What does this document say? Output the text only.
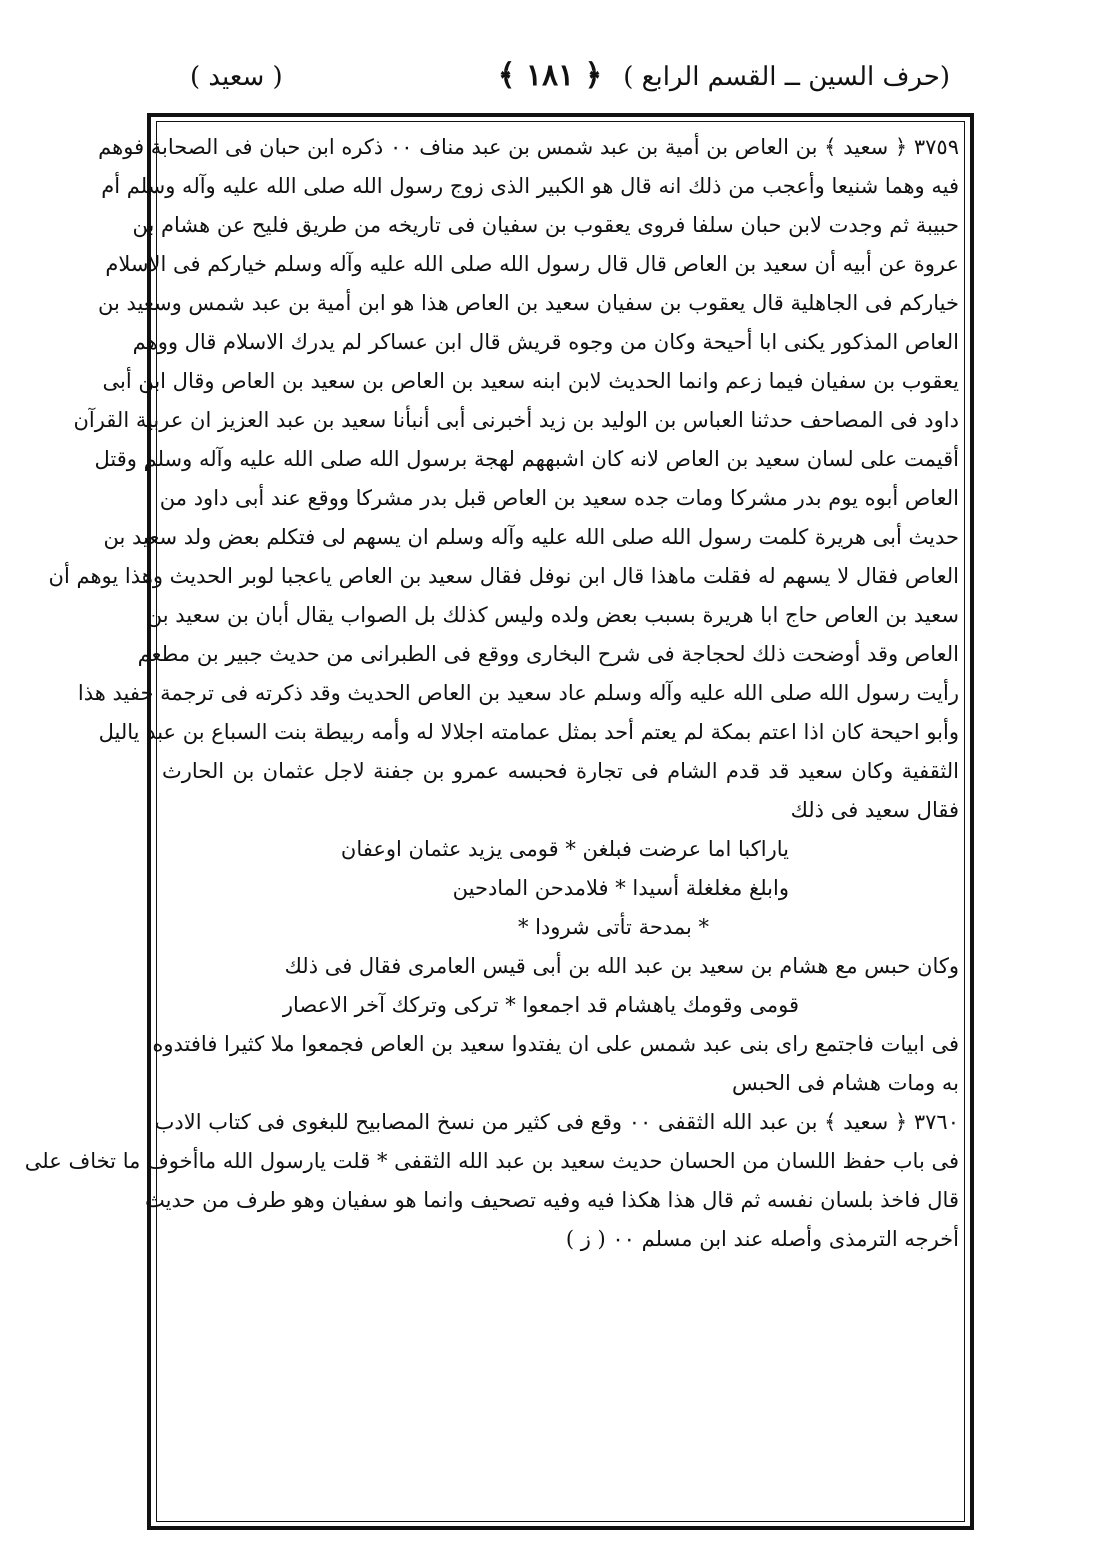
(حرف السين ــ القسم الرابع )
﴿ ١٨١ ﴾
( سعيد )
٣٧٥٩ ﴿ سعيد ﴾ بن العاص بن أمية بن عبد شمس بن عبد مناف ٠٠ ذكره ابن حبان فى الصحابة فوهم
فيه وهما شنيعا وأعجب من ذلك انه قال هو الكبير الذى زوج رسول الله صلى الله عليه وآله وسلم أم
حبيبة ثم وجدت لابن حبان سلفا فروى يعقوب بن سفيان فى تاريخه من طريق فليح عن هشام بن
عروة عن أبيه أن سعيد بن العاص قال قال رسول الله صلى الله عليه وآله وسلم خياركم فى الاسلام
خياركم فى الجاهلية قال يعقوب بن سفيان سعيد بن العاص هذا هو ابن أمية بن عبد شمس وسعيد بن
العاص المذكور يكنى ابا أحيحة وكان من وجوه قريش قال ابن عساكر لم يدرك الاسلام قال ووهم
يعقوب بن سفيان فيما زعم وانما الحديث لابن ابنه سعيد بن العاص بن سعيد بن العاص وقال ابن أبى
داود فى المصاحف حدثنا العباس بن الوليد بن زيد أخبرنى أبى أنبأنا سعيد بن عبد العزيز ان عربية القرآن
أقيمت على لسان سعيد بن العاص لانه كان اشبههم لهجة برسول الله صلى الله عليه وآله وسلم وقتل
العاص أبوه يوم بدر مشركا ومات جده سعيد بن العاص قبل بدر مشركا ووقع عند أبى داود من
حديث أبى هريرة كلمت رسول الله صلى الله عليه وآله وسلم ان يسهم لى فتكلم بعض ولد سعيد بن
العاص فقال لا يسهم له فقلت ماهذا قال ابن نوفل فقال سعيد بن العاص ياعجبا لوبر الحديث وهذا يوهم أن
سعيد بن العاص حاج ابا هريرة بسبب بعض ولده وليس كذلك بل الصواب يقال أبان بن سعيد بن
العاص وقد أوضحت ذلك لحجاجة فى شرح البخارى ووقع فى الطبرانى من حديث جبير بن مطعم
رأيت رسول الله صلى الله عليه وآله وسلم عاد سعيد بن العاص الحديث وقد ذكرته فى ترجمة حفيد هذا
وأبو احيحة كان اذا اعتم بمكة لم يعتم أحد بمثل عمامته اجلالا له وأمه ربيطة بنت السباع بن عبد ياليل
الثقفية وكان سعيد قد قدم الشام فى تجارة فحبسه عمرو بن جفنة لاجل عثمان بن الحارث
فقال سعيد فى ذلك
ياراكبا اما عرضت فبلغن * قومى يزيد عثمان اوعفان
وابلغ مغلغلة أسيدا * فلامدحن المادحين
* بمدحة تأتى شرودا *
وكان حبس مع هشام بن سعيد بن عبد الله بن أبى قيس العامرى فقال فى ذلك
قومى وقومك ياهشام قد اجمعوا * تركى وتركك آخر الاعصار
فى ابيات فاجتمع راى بنى عبد شمس على ان يفتدوا سعيد بن العاص فجمعوا ملا كثيرا فافتدوه
به ومات هشام فى الحبس
٣٧٦٠ ﴿ سعيد ﴾ بن عبد الله الثقفى ٠٠ وقع فى كثير من نسخ المصابيح للبغوى فى كتاب الادب
فى باب حفظ اللسان من الحسان حديث سعيد بن عبد الله الثقفى * قلت يارسول الله ماأخوف ما تخاف على
قال فاخذ بلسان نفسه ثم قال هذا هكذا فيه وفيه تصحيف وانما هو سفيان وهو طرف من حديث
أخرجه الترمذى وأصله عند ابن مسلم ٠٠ ( ز )
